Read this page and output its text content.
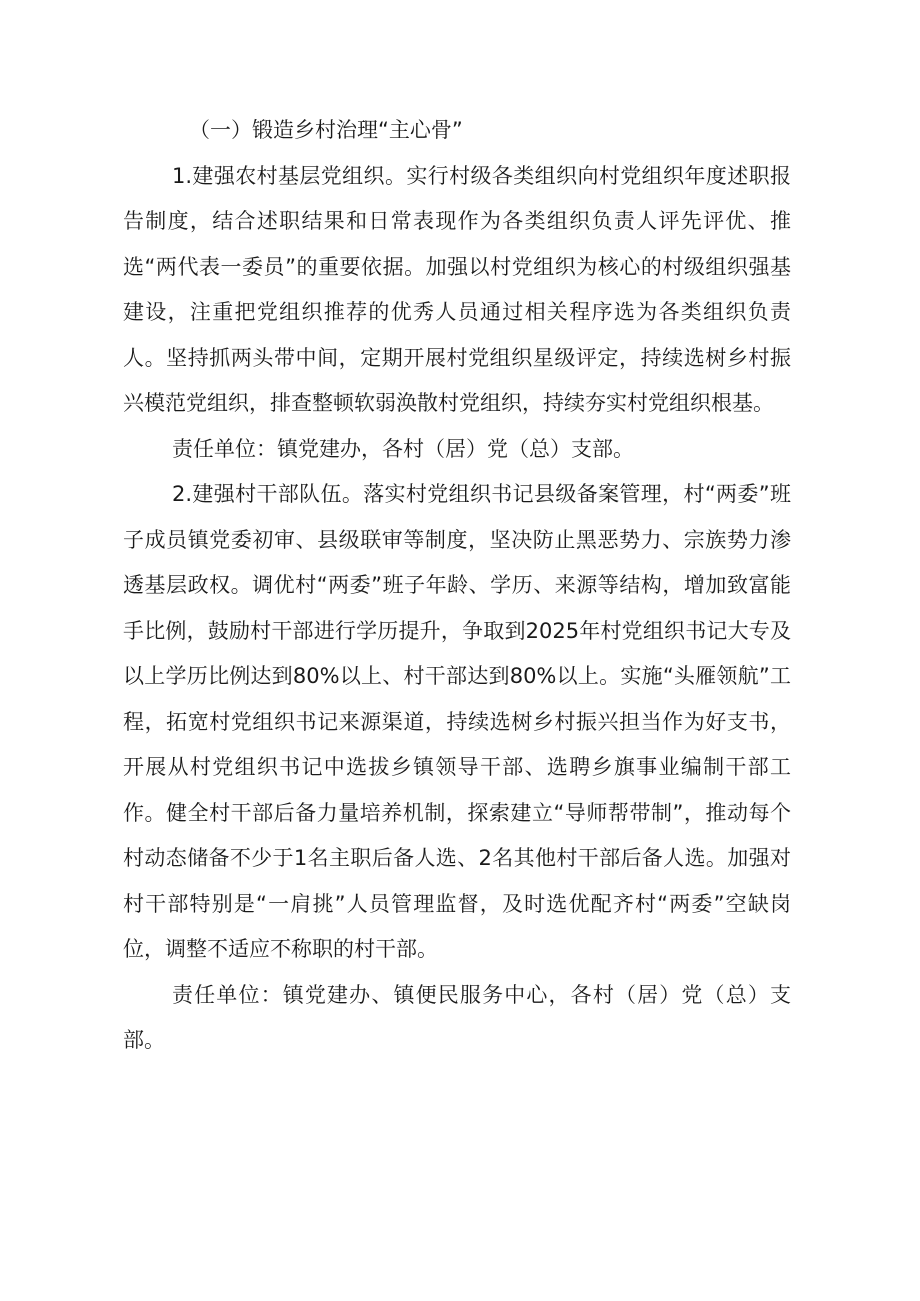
（一）锻造乡村治理“主心骨”

1.建强农村基层党组织。实行村级各类组织向村党组织年度述职报告制度，结合述职结果和日常表现作为各类组织负责人评先评优、推选“两代表一委员”的重要依据。加强以村党组织为核心的村级组织强基建设，注重把党组织推荐的优秀人员通过相关程序选为各类组织负责人。坚持抓两头带中间，定期开展村党组织星级评定，持续选树乡村振兴模范党组织，排查整顿软弱涣散村党组织，持续夯实村党组织根基。

责任单位：镇党建办，各村（居）党（总）支部。

2.建强村干部队伍。落实村党组织书记县级备案管理，村“两委”班子成员镇党委初审、县级联审等制度，坚决防止黑恶势力、宗族势力渗透基层政权。调优村“两委”班子年龄、学历、来源等结构，增加致富能手比例，鼓励村干部进行学历提升，争取到2025年村党组织书记大专及以上学历比例达到80%以上、村干部达到80%以上。实施“头雁领航”工程，拓宽村党组织书记来源渠道，持续选树乡村振兴担当作为好支书，开展从村党组织书记中选拔乡镇领导干部、选聘乡旗事业编制干部工作。健全村干部后备力量培养机制，探索建立“导师帮带制”，推动每个村动态储备不少于1名主职后备人选、2名其他村干部后备人选。加强对村干部特别是“一肩挑”人员管理监督，及时选优配齐村“两委”空缺岗位，调整不适应不称职的村干部。

责任单位：镇党建办、镇便民服务中心，各村（居）党（总）支部。
